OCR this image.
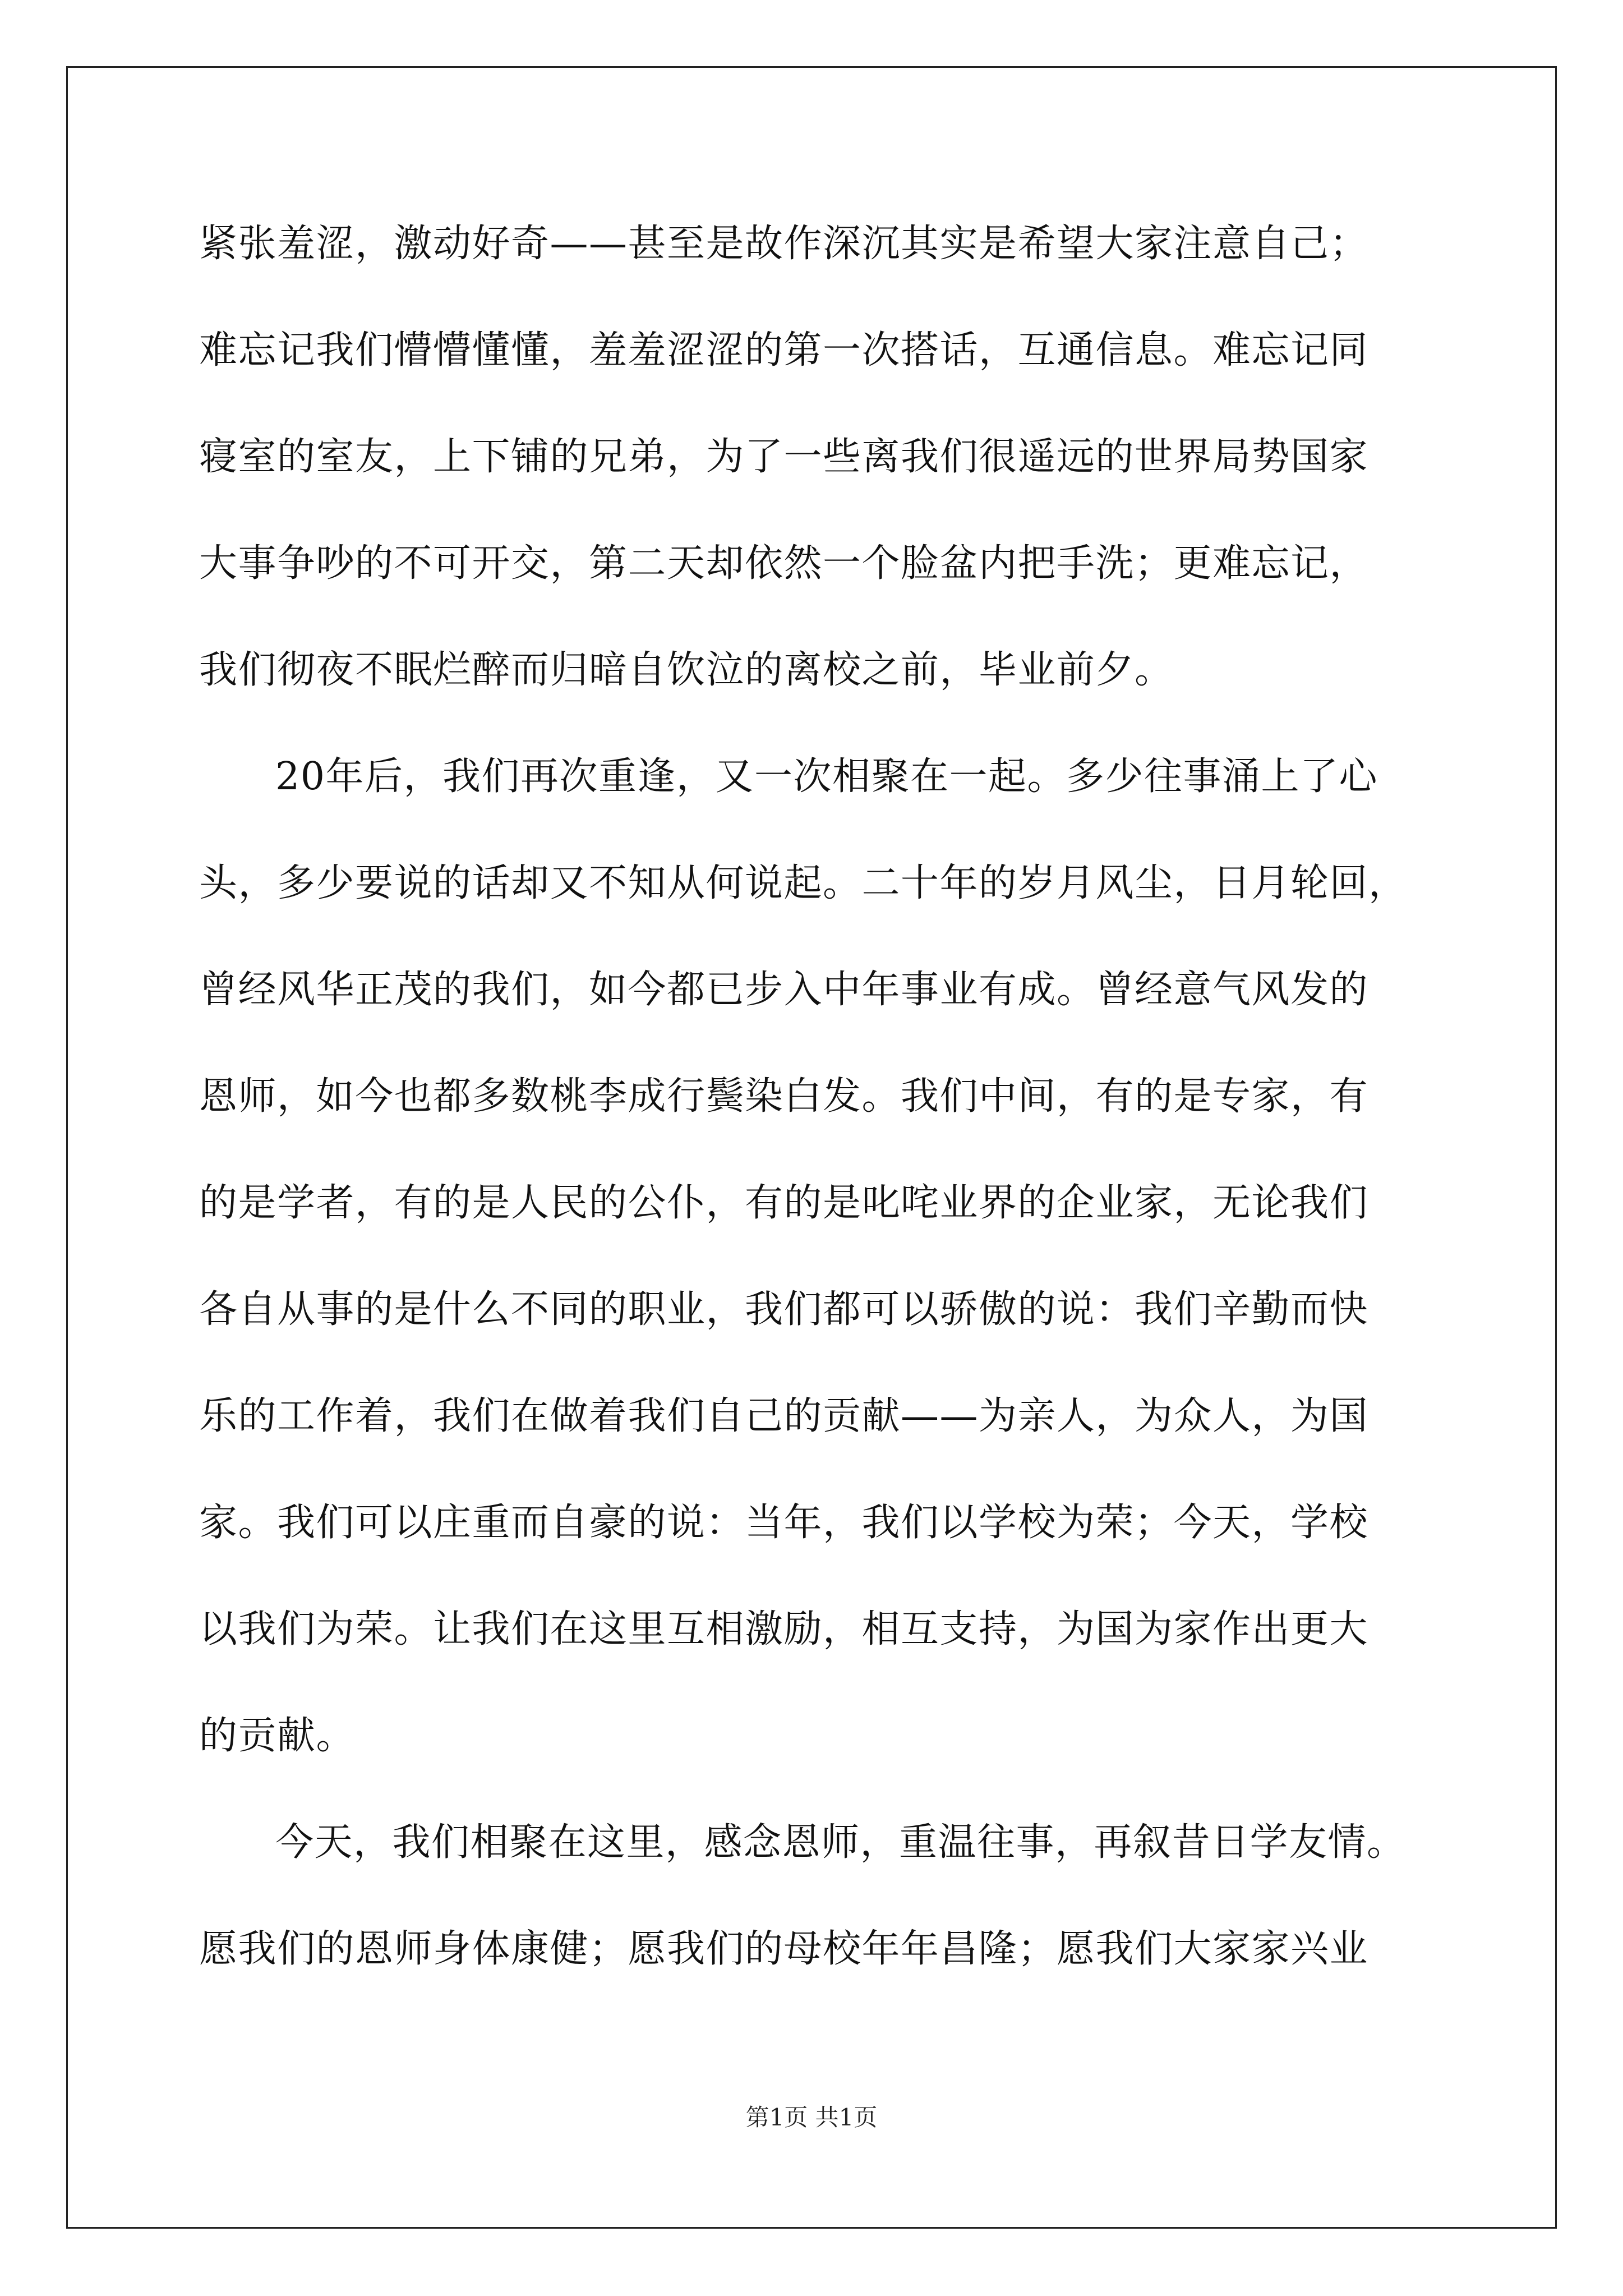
紧张羞涩，激动好奇——甚至是故作深沉其实是希望大家注意自己；
难忘记我们懵懵懂懂，羞羞涩涩的第一次搭话，互通信息。难忘记同
寝室的室友，上下铺的兄弟，为了一些离我们很遥远的世界局势国家
大事争吵的不可开交，第二天却依然一个脸盆内把手洗；更难忘记，
我们彻夜不眠烂醉而归暗自饮泣的离校之前，毕业前夕。
20年后，我们再次重逢，又一次相聚在一起。多少往事涌上了心
头，多少要说的话却又不知从何说起。二十年的岁月风尘，日月轮回，
曾经风华正茂的我们，如今都已步入中年事业有成。曾经意气风发的
恩师，如今也都多数桃李成行鬓染白发。我们中间，有的是专家，有
的是学者，有的是人民的公仆，有的是叱咤业界的企业家，无论我们
各自从事的是什么不同的职业，我们都可以骄傲的说：我们辛勤而快
乐的工作着，我们在做着我们自己的贡献——为亲人，为众人，为国
家。我们可以庄重而自豪的说：当年，我们以学校为荣；今天，学校
以我们为荣。让我们在这里互相激励，相互支持，为国为家作出更大
的贡献。
今天，我们相聚在这里，感念恩师，重温往事，再叙昔日学友情。
愿我们的恩师身体康健；愿我们的母校年年昌隆；愿我们大家家兴业
第1页 共1页
